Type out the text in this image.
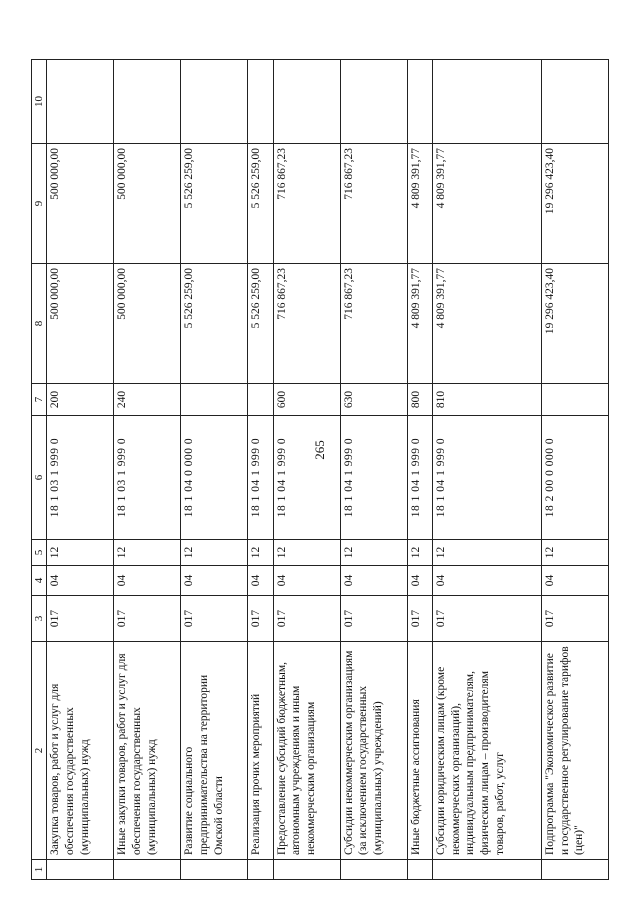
265
1	2	3	4	5	6	7	8	9	10
	Закупка товаров, работ и услуг для обеспечения государственных (муниципальных) нужд	017	04	12	18 1 03 1 999 0	200	500 000,00	500 000,00	
	Иные закупки товаров, работ и услуг для обеспечения государственных (муниципальных) нужд	017	04	12	18 1 03 1 999 0	240	500 000,00	500 000,00	
	Развитие социального предпринимательства на территории Омской области	017	04	12	18 1 04 0 000 0		5 526 259,00	5 526 259,00	
	Реализация прочих мероприятий	017	04	12	18 1 04 1 999 0		5 526 259,00	5 526 259,00	
	Предоставление субсидий бюджетным, автономным учреждениям и иным некоммерческим организациям	017	04	12	18 1 04 1 999 0	600	716 867,23	716 867,23	
	Субсидии некоммерческим организациям (за исключением государственных (муниципальных) учреждений)	017	04	12	18 1 04 1 999 0	630	716 867,23	716 867,23	
	Иные бюджетные ассигнования	017	04	12	18 1 04 1 999 0	800	4 809 391,77	4 809 391,77	
	Субсидии юридическим лицам (кроме некоммерческих организаций), индивидуальным предпринимателям, физическим лицам – производителям товаров, работ, услуг	017	04	12	18 1 04 1 999 0	810	4 809 391,77	4 809 391,77	
	Подпрограмма "Экономическое развитие и государственное регулирование тарифов (цен)"	017	04	12	18 2 00 0 000 0		19 296 423,40	19 296 423,40	
